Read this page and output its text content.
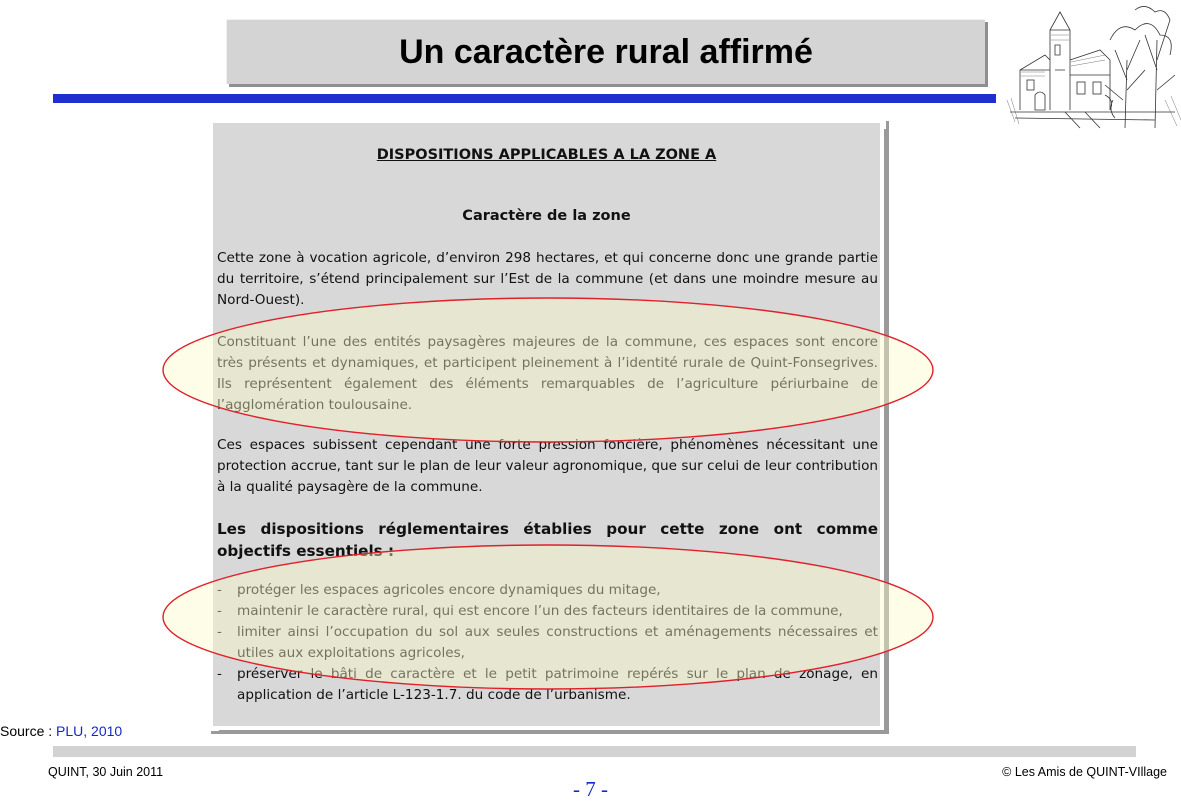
Un caractère rural affirmé
DISPOSITIONS APPLICABLES A LA ZONE A
Caractère de la zone

Cette zone à vocation agricole, d’environ 298 hectares, et qui concerne donc une grande partie du territoire, s’étend principalement sur l’Est de la commune (et dans une moindre mesure au Nord-Ouest).

Constituant l’une des entités paysagères majeures de la commune, ces espaces sont encore très présents et dynamiques, et participent pleinement à l’identité rurale de Quint-Fonsegrives. Ils représentent également des éléments remarquables de l’agriculture périurbaine de l’agglomération toulousaine.

Ces espaces subissent cependant une forte pression foncière, phénomènes nécessitant une protection accrue, tant sur le plan de leur valeur agronomique, que sur celui de leur contribution à la qualité paysagère de la commune.

Les dispositions réglementaires établies pour cette zone ont comme objectifs essentiels :
- protéger les espaces agricoles encore dynamiques du mitage,
- maintenir le caractère rural, qui est encore l’un des facteurs identitaires de la commune,
- limiter ainsi l’occupation du sol aux seules constructions et aménagements nécessaires et utiles aux exploitations agricoles,
- préserver le bâti de caractère et le petit patrimoine repérés sur le plan de zonage, en application de l’article L-123-1.7. du code de l’urbanisme.
Source : PLU, 2010
QUINT, 30 Juin 2011	© Les Amis de QUINT-VIllage
- 7 -
